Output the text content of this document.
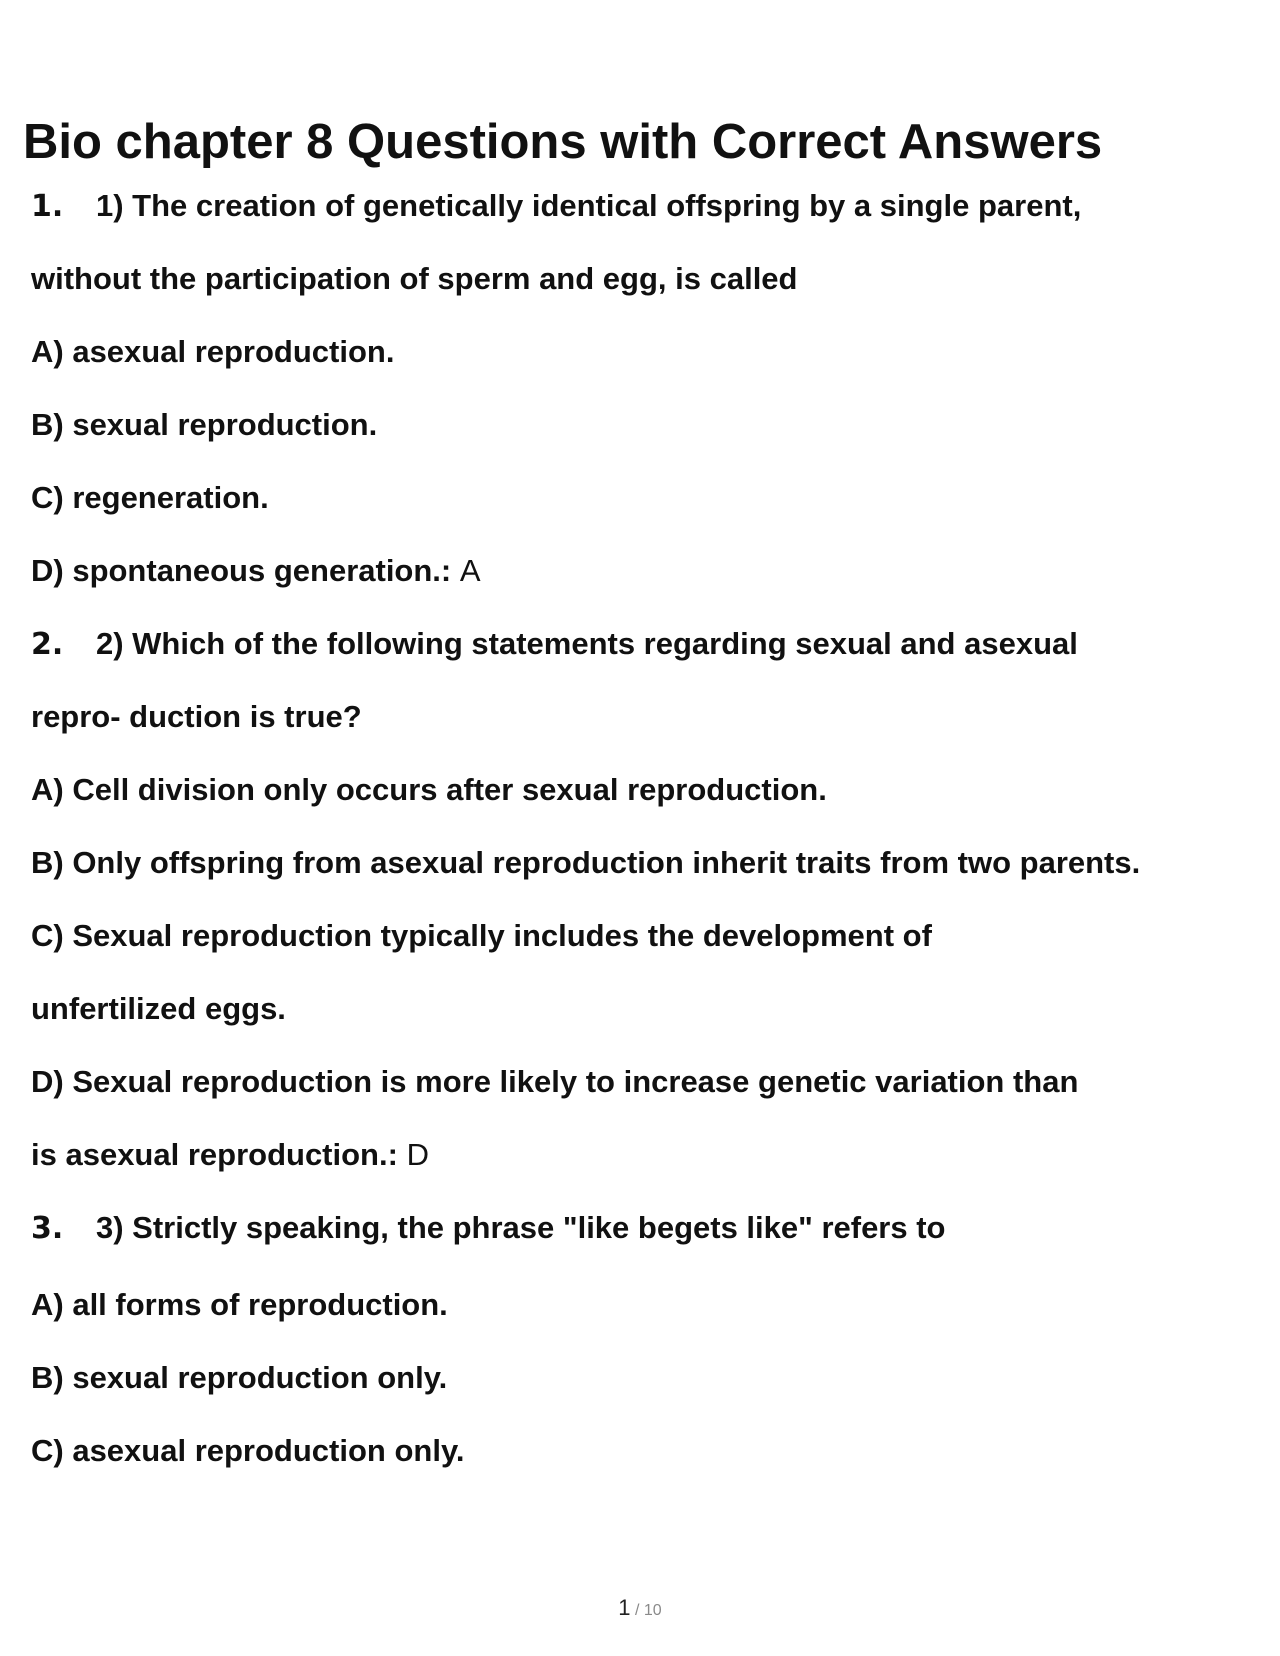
Bio chapter 8 Questions with Correct Answers
1. 1) The creation of genetically identical offspring by a single parent,
without the participation of sperm and egg, is called
A) asexual reproduction.
B) sexual reproduction.
C) regeneration.
D) spontaneous generation.: A
2. 2) Which of the following statements regarding sexual and asexual
repro- duction is true?
A) Cell division only occurs after sexual reproduction.
B) Only offspring from asexual reproduction inherit traits from two parents.
C) Sexual reproduction typically includes the development of
unfertilized eggs.
D) Sexual reproduction is more likely to increase genetic variation than
is asexual reproduction.: D
3. 3) Strictly speaking, the phrase "like begets like" refers to
A) all forms of reproduction.
B) sexual reproduction only.
C) asexual reproduction only.
1 / 10
